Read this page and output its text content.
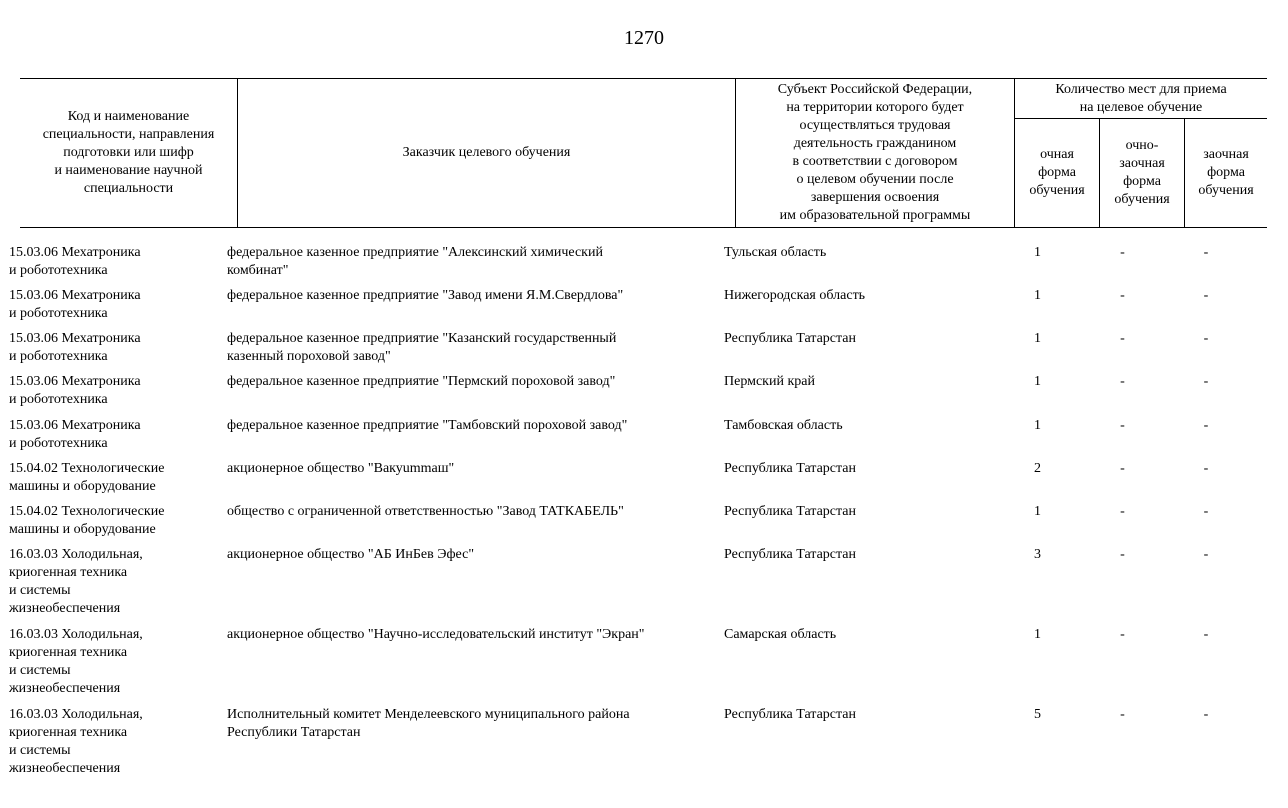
1270
Код и наименование
специальности, направления
подготовки или шифр
и наименование научной
специальности
Заказчик целевого обучения
Субъект Российской Федерации,
на территории которого будет
осуществляться трудовая
деятельность гражданином
в соответствии с договором
о целевом обучении после
завершения освоения
им образовательной программы
Количество мест для приема
на целевое обучение
очная
форма
обучения
очно-
заочная
форма
обучения
заочная
форма
обучения
15.03.06 Мехатроника
и робототехника
федеральное казенное предприятие "Алексинский химический
комбинат"
Тульская область	1	-	-
15.03.06 Мехатроника
и робототехника
федеральное казенное предприятие "Завод имени Я.М.Свердлова"	Нижегородская область	1	-	-
15.03.06 Мехатроника
и робототехника
федеральное казенное предприятие "Казанский государственный
казенный пороховой завод"
Республика Татарстан	1	-	-
15.03.06 Мехатроника
и робототехника
федеральное казенное предприятие "Пермский пороховой завод"	Пермский край	1	-	-
15.03.06 Мехатроника
и робототехника
федеральное казенное предприятие "Тамбовский пороховой завод"	Тамбовская область	1	-	-
15.04.02 Технологические
машины и оборудование
акционерное общество "Вакуummаш"	Республика Татарстан	2	-	-
15.04.02 Технологические
машины и оборудование
общество с ограниченной ответственностью "Завод ТАТКАБЕЛЬ"	Республика Татарстан	1	-	-
16.03.03 Холодильная,
криогенная техника
и системы
жизнеобеспечения
акционерное общество "АБ ИнБев Эфес"	Республика Татарстан	3	-	-
16.03.03 Холодильная,
криогенная техника
и системы
жизнеобеспечения
акционерное общество "Научно-исследовательский институт "Экран"	Самарская область	1	-	-
16.03.03 Холодильная,
криогенная техника
и системы
жизнеобеспечения
Исполнительный комитет Менделеевского муниципального района
Республики Татарстан
Республика Татарстан	5	-	-
